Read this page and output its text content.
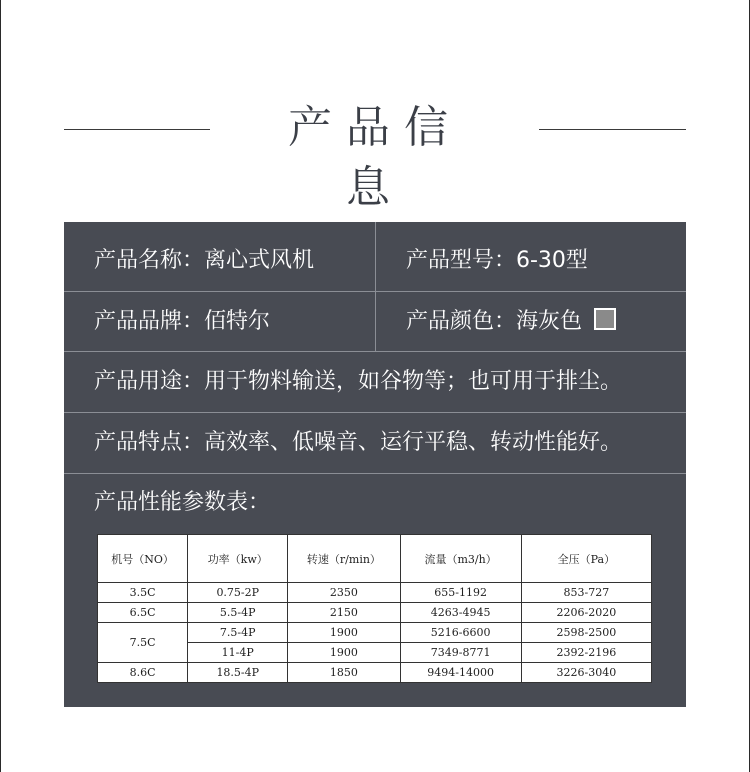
产品信息
产品名称：离心式风机	产品型号：6-30型
产品品牌：佰特尔	产品颜色：海灰色
产品用途：用于物料输送，如谷物等；也可用于排尘。
产品特点：高效率、低噪音、运行平稳、转动性能好。
产品性能参数表：
机号（NO）	功率（kw）	转速（r/min）	流量（m3/h）	全压（Pa）
3.5C	0.75-2P	2350	655-1192	853-727
6.5C	5.5-4P	2150	4263-4945	2206-2020
7.5C	7.5-4P	1900	5216-6600	2598-2500
	11-4P	1900	7349-8771	2392-2196
8.6C	18.5-4P	1850	9494-14000	3226-3040
